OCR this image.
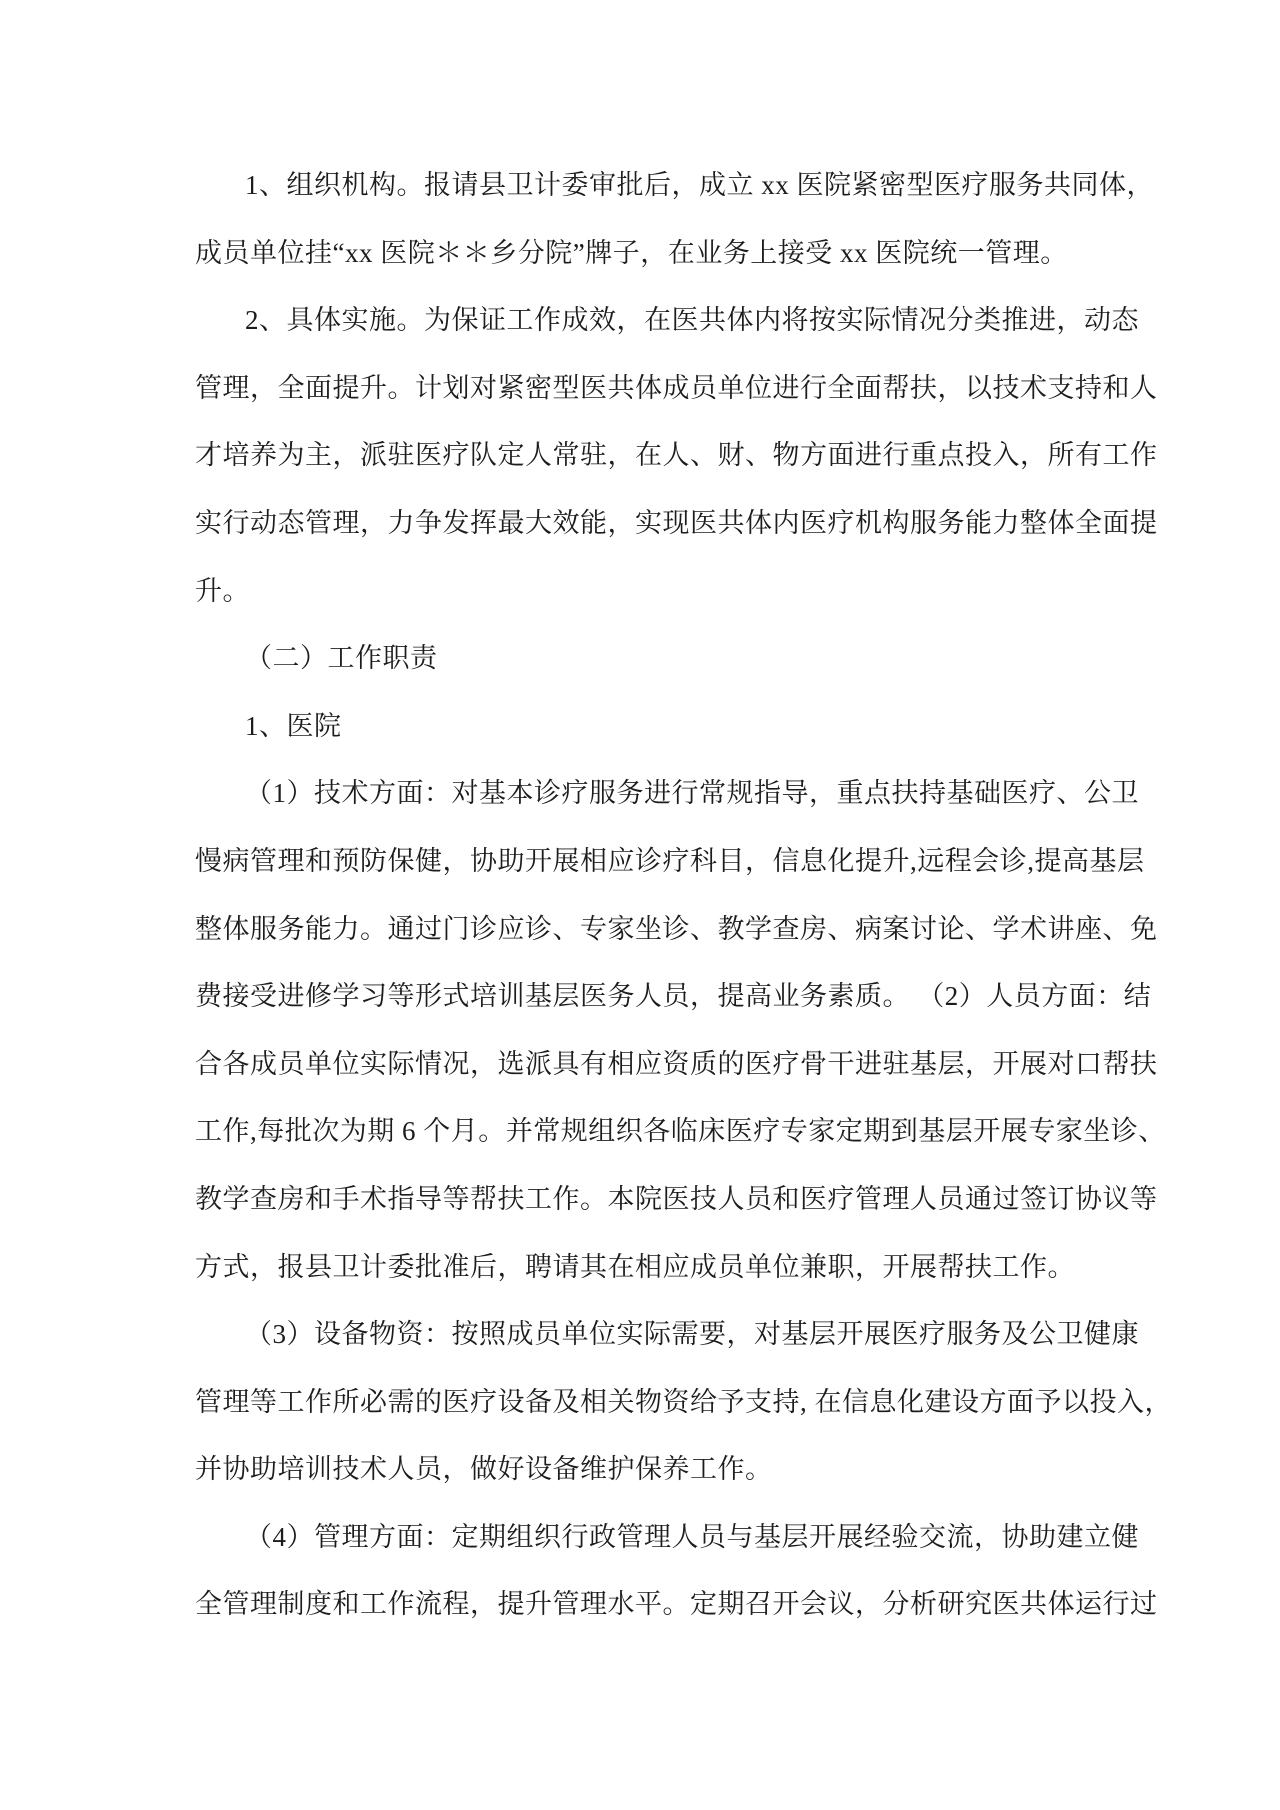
1、组织机构。报请县卫计委审批后，成立 xx 医院紧密型医疗服务共同体，
成员单位挂“xx 医院＊＊乡分院”牌子，在业务上接受 xx 医院统一管理。
2、具体实施。为保证工作成效，在医共体内将按实际情况分类推进，动态
管理，全面提升。计划对紧密型医共体成员单位进行全面帮扶，以技术支持和人
才培养为主，派驻医疗队定人常驻，在人、财、物方面进行重点投入，所有工作
实行动态管理，力争发挥最大效能，实现医共体内医疗机构服务能力整体全面提
升。
（二）工作职责
1、医院
（1）技术方面：对基本诊疗服务进行常规指导，重点扶持基础医疗、公卫
慢病管理和预防保健，协助开展相应诊疗科目，信息化提升,远程会诊,提高基层
整体服务能力。通过门诊应诊、专家坐诊、教学查房、病案讨论、学术讲座、免
费接受进修学习等形式培训基层医务人员，提高业务素质。 （2）人员方面：结
合各成员单位实际情况，选派具有相应资质的医疗骨干进驻基层，开展对口帮扶
工作,每批次为期 6 个月。并常规组织各临床医疗专家定期到基层开展专家坐诊、
教学查房和手术指导等帮扶工作。本院医技人员和医疗管理人员通过签订协议等
方式，报县卫计委批准后，聘请其在相应成员单位兼职，开展帮扶工作。
（3）设备物资：按照成员单位实际需要，对基层开展医疗服务及公卫健康
管理等工作所必需的医疗设备及相关物资给予支持, 在信息化建设方面予以投入，
并协助培训技术人员，做好设备维护保养工作。
（4）管理方面：定期组织行政管理人员与基层开展经验交流，协助建立健
全管理制度和工作流程，提升管理水平。定期召开会议，分析研究医共体运行过
